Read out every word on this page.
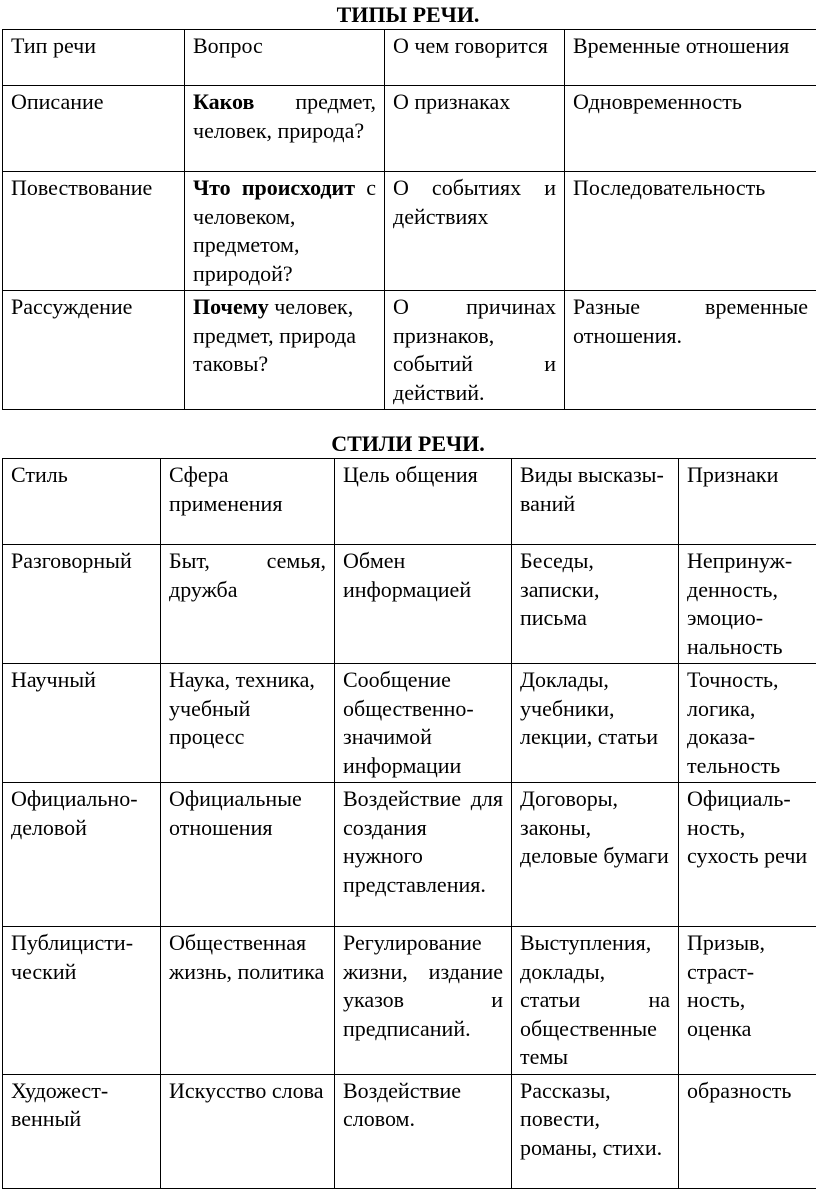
ТИПЫ РЕЧИ.
Тип речи	Вопрос	О чем говорится	Временные отношения
Описание	Каков предмет, человек, природа?	О признаках	Одновременность
Повествование	Что происходит с человеком, предметом, природой?	О событиях и действиях	Последовательность
Рассуждение	Почему человек, предмет, природа таковы?	О причинах признаков, событий и действий.	Разные временные отношения.
СТИЛИ РЕЧИ.
Стиль	Сфера применения	Цель общения	Виды высказы-ваний	Признаки
Разговорный	Быт, семья, дружба	Обмен информацией	Беседы, записки, письма	Непринуж-денность, эмоцио-нальность
Научный	Наука, техника, учебный процесс	Сообщение общественно-значимой информации	Доклады, учебники, лекции, статьи	Точность, логика, доказа-тельность
Официально-деловой	Официальные отношения	Воздействие для создания нужного представления.	Договоры, законы, деловые бумаги	Официаль-ность, сухость речи
Публицисти-ческий	Общественная жизнь, политика	Регулирование жизни, издание указов и предписаний.	Выступления, доклады, статьи на общественные темы	Призыв, страст-ность, оценка
Художест-венный	Искусство слова	Воздействие словом.	Рассказы, повести, романы, стихи.	образность
